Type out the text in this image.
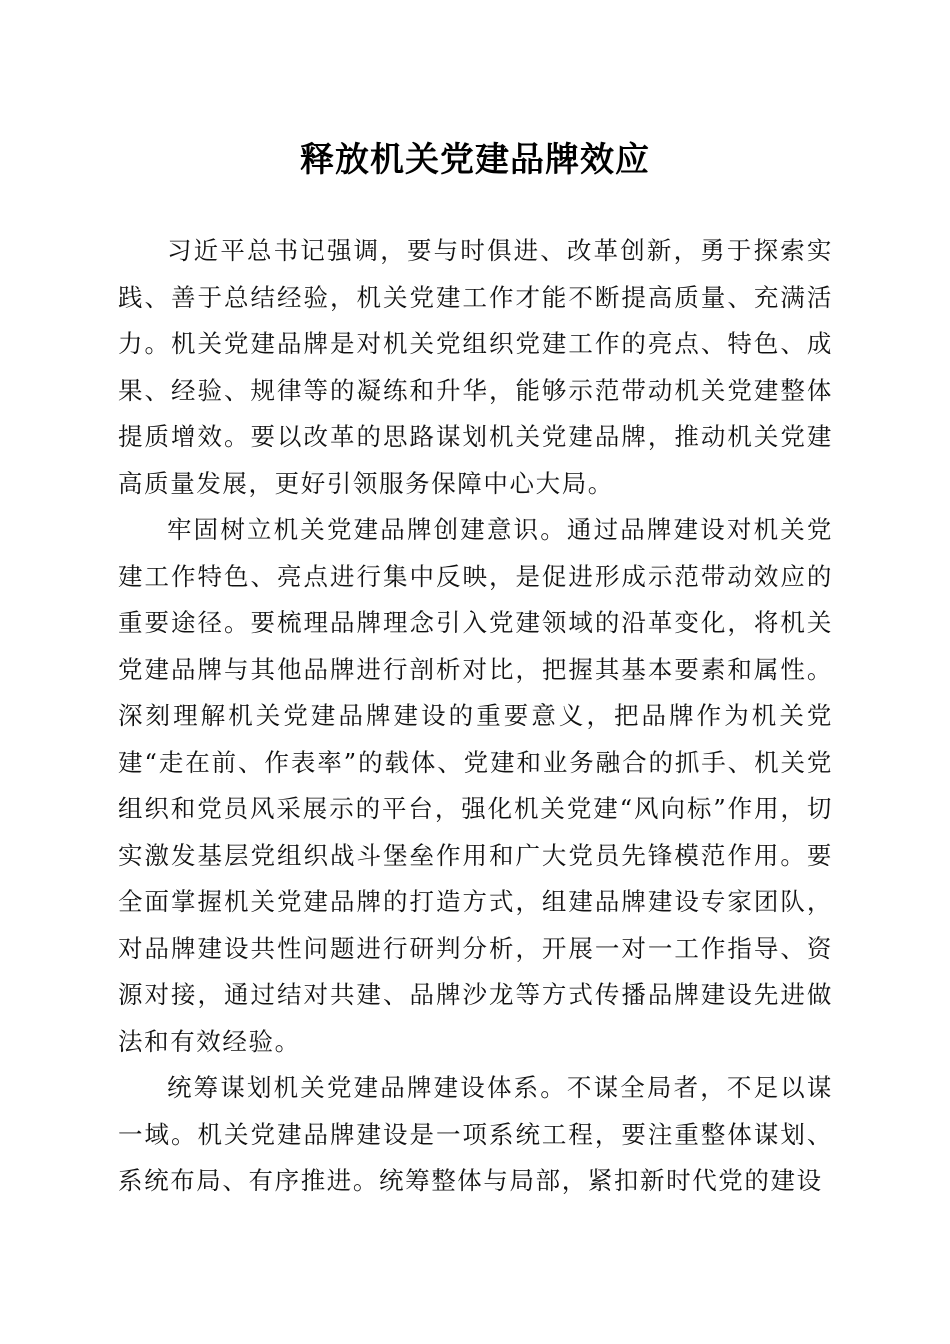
释放机关党建品牌效应

习近平总书记强调，要与时俱进、改革创新，勇于探索实践、善于总结经验，机关党建工作才能不断提高质量、充满活力。机关党建品牌是对机关党组织党建工作的亮点、特色、成果、经验、规律等的凝练和升华，能够示范带动机关党建整体提质增效。要以改革的思路谋划机关党建品牌，推动机关党建高质量发展，更好引领服务保障中心大局。

牢固树立机关党建品牌创建意识。通过品牌建设对机关党建工作特色、亮点进行集中反映，是促进形成示范带动效应的重要途径。要梳理品牌理念引入党建领域的沿革变化，将机关党建品牌与其他品牌进行剖析对比，把握其基本要素和属性。深刻理解机关党建品牌建设的重要意义，把品牌作为机关党建“走在前、作表率”的载体、党建和业务融合的抓手、机关党组织和党员风采展示的平台，强化机关党建“风向标”作用，切实激发基层党组织战斗堡垒作用和广大党员先锋模范作用。要全面掌握机关党建品牌的打造方式，组建品牌建设专家团队，对品牌建设共性问题进行研判分析，开展一对一工作指导、资源对接，通过结对共建、品牌沙龙等方式传播品牌建设先进做法和有效经验。

统筹谋划机关党建品牌建设体系。不谋全局者，不足以谋一域。机关党建品牌建设是一项系统工程，要注重整体谋划、系统布局、有序推进。统筹整体与局部，紧扣新时代党的建设
